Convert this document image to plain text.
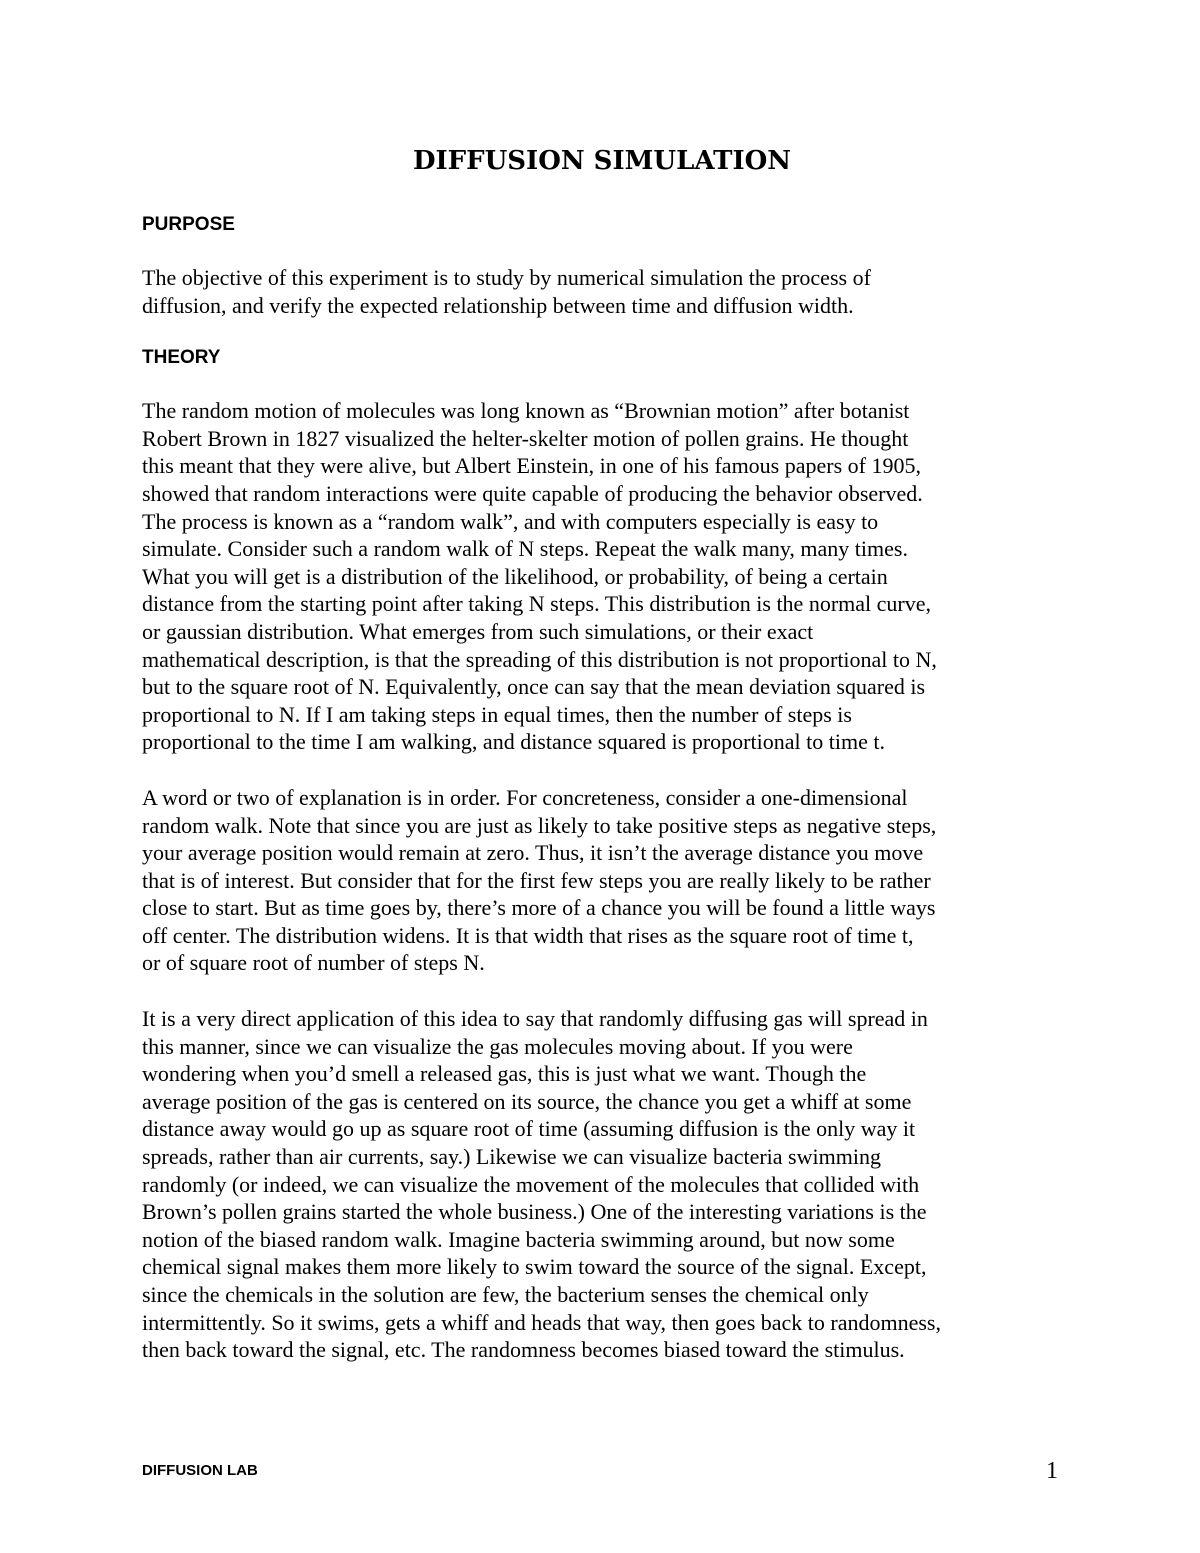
DIFFUSION SIMULATION
PURPOSE

The objective of this experiment is to study by numerical simulation the process of
diffusion, and verify the expected relationship between time and diffusion width.

THEORY

The random motion of molecules was long known as “Brownian motion” after botanist
Robert Brown in 1827 visualized the helter-skelter motion of pollen grains. He thought
this meant that they were alive, but Albert Einstein, in one of his famous papers of 1905,
showed that random interactions were quite capable of producing the behavior observed.
The process is known as a “random walk”, and with computers especially is easy to
simulate. Consider such a random walk of N steps. Repeat the walk many, many times.
What you will get is a distribution of the likelihood, or probability, of being a certain
distance from the starting point after taking N steps. This distribution is the normal curve,
or gaussian distribution. What emerges from such simulations, or their exact
mathematical description, is that the spreading of this distribution is not proportional to N,
but to the square root of N. Equivalently, once can say that the mean deviation squared is
proportional to N. If I am taking steps in equal times, then the number of steps is
proportional to the time I am walking, and distance squared is proportional to time t.

A word or two of explanation is in order. For concreteness, consider a one-dimensional
random walk. Note that since you are just as likely to take positive steps as negative steps,
your average position would remain at zero. Thus, it isn’t the average distance you move
that is of interest. But consider that for the first few steps you are really likely to be rather
close to start. But as time goes by, there’s more of a chance you will be found a little ways
off center. The distribution widens. It is that width that rises as the square root of time t,
or of square root of number of steps N.

It is a very direct application of this idea to say that randomly diffusing gas will spread in
this manner, since we can visualize the gas molecules moving about. If you were
wondering when you’d smell a released gas, this is just what we want. Though the
average position of the gas is centered on its source, the chance you get a whiff at some
distance away would go up as square root of time (assuming diffusion is the only way it
spreads, rather than air currents, say.) Likewise we can visualize bacteria swimming
randomly (or indeed, we can visualize the movement of the molecules that collided with
Brown’s pollen grains started the whole business.) One of the interesting variations is the
notion of the biased random walk. Imagine bacteria swimming around, but now some
chemical signal makes them more likely to swim toward the source of the signal. Except,
since the chemicals in the solution are few, the bacterium senses the chemical only
intermittently. So it swims, gets a whiff and heads that way, then goes back to randomness,
then back toward the signal, etc. The randomness becomes biased toward the stimulus.

DIFFUSION LAB	1
